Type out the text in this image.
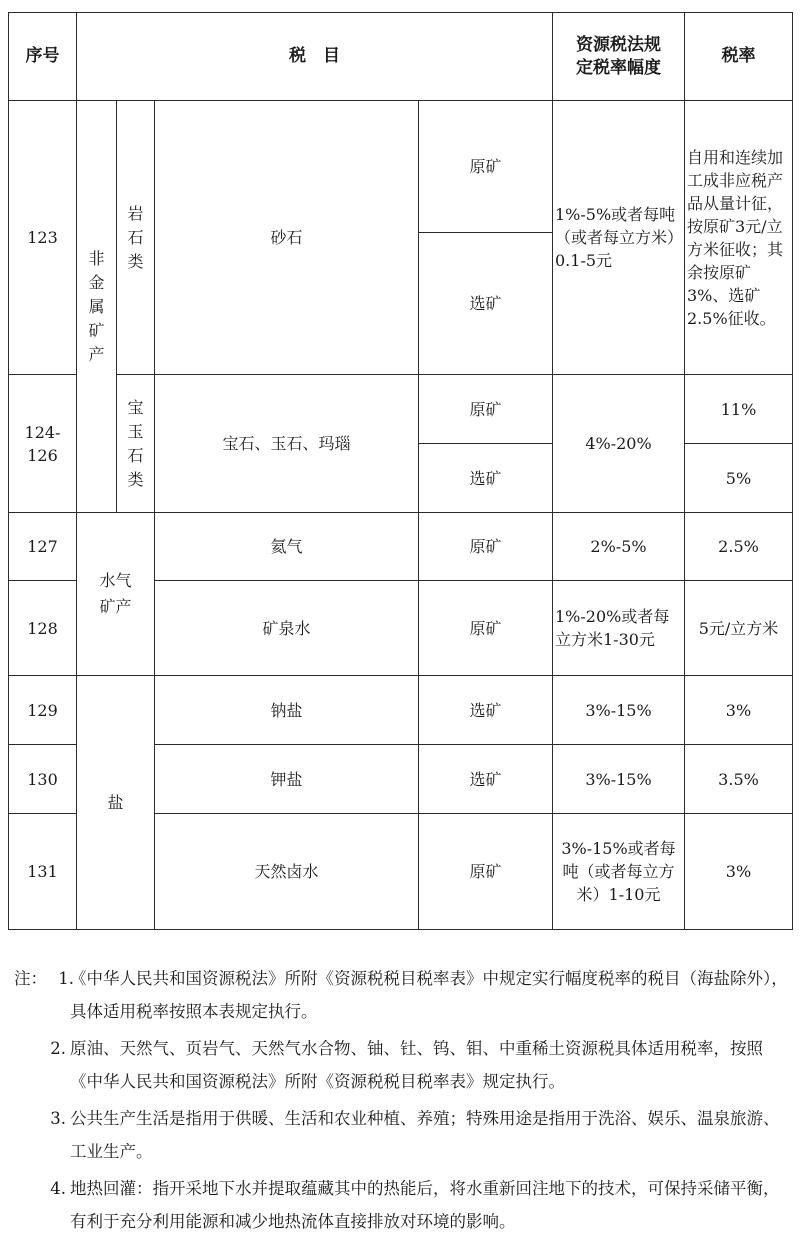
序号	税　目	资源税法规定税率幅度	税率
123	非金属矿产	岩石类	砂石	原矿	1%-5%或者每吨（或者每立方米）0.1-5元	自用和连续加工成非应税产品从量计征，按原矿3元/立方米征收；其余按原矿3%、选矿2.5%征收。
				选矿		
124-126		宝玉石类	宝石、玉石、玛瑙	原矿	4%-20%	11%
				选矿		5%
127	水气矿产		氦气	原矿	2%-5%	2.5%
128			矿泉水	原矿	1%-20%或者每立方米1-30元	5元/立方米
129	盐		钠盐	选矿	3%-15%	3%
130			钾盐	选矿	3%-15%	3.5%
131			天然卤水	原矿	3%-15%或者每吨（或者每立方米）1-10元	3%
注： 1.
《中华人民共和国资源税法》所附《资源税税目税率表》中规定实行幅度税率的税目（海盐除外），具体适用税率按照本表规定执行。
2. 原油、天然气、页岩气、天然气水合物、铀、钍、钨、钼、中重稀土资源税具体适用税率，按照《中华人民共和国资源税法》所附《资源税税目税率表》规定执行。
3. 公共生产生活是指用于供暖、生活和农业种植、养殖；特殊用途是指用于洗浴、娱乐、温泉旅游、工业生产。
4. 地热回灌：指开采地下水并提取蕴藏其中的热能后，将水重新回注地下的技术，可保持采储平衡，有利于充分利用能源和减少地热流体直接排放对环境的影响。
